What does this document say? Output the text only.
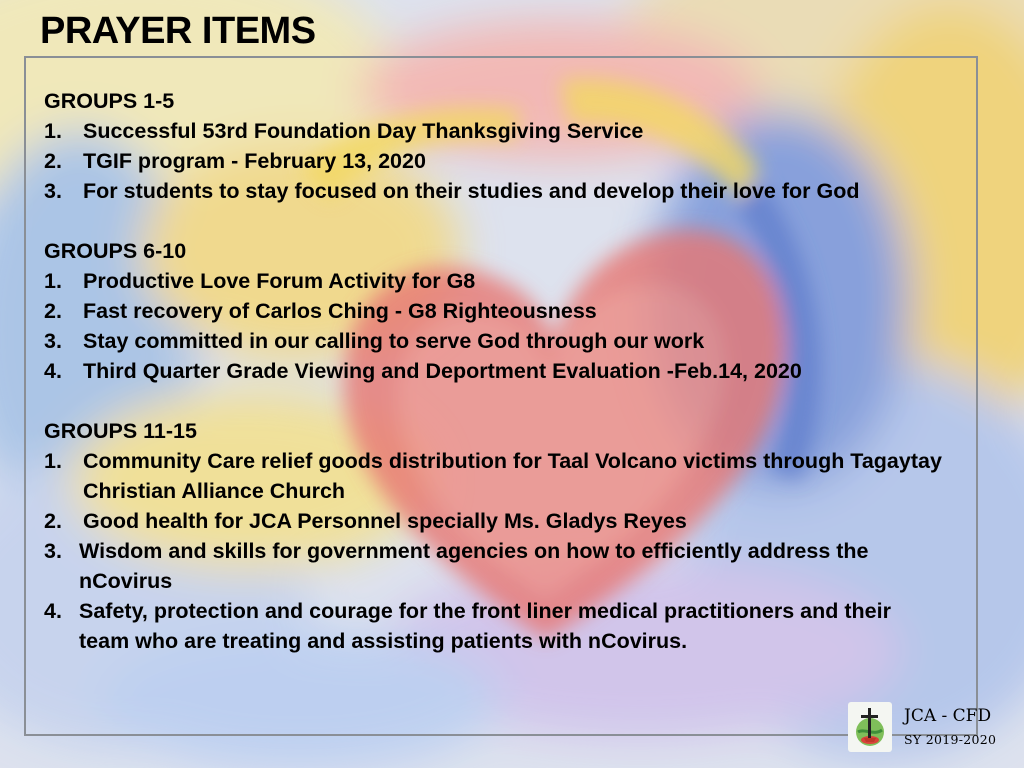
PRAYER ITEMS
GROUPS 1-5
1. Successful 53rd Foundation Day Thanksgiving Service
2. TGIF program - February 13, 2020
3. For students to stay focused on their studies and develop their love for God
GROUPS 6-10
1. Productive Love Forum Activity for G8
2. Fast recovery of Carlos Ching - G8 Righteousness
3. Stay committed in our calling to serve God through our work
4. Third Quarter Grade Viewing and Deportment Evaluation -Feb.14, 2020
GROUPS 11-15
1. Community Care relief goods distribution for Taal Volcano victims through Tagaytay Christian Alliance Church
2. Good health for JCA Personnel specially Ms. Gladys Reyes
3. Wisdom and skills for government agencies on how to efficiently address the nCovirus
4. Safety, protection and courage for the front liner medical practitioners and their team who are treating and assisting patients with nCovirus.
JCA - CFD
SY 2019-2020
